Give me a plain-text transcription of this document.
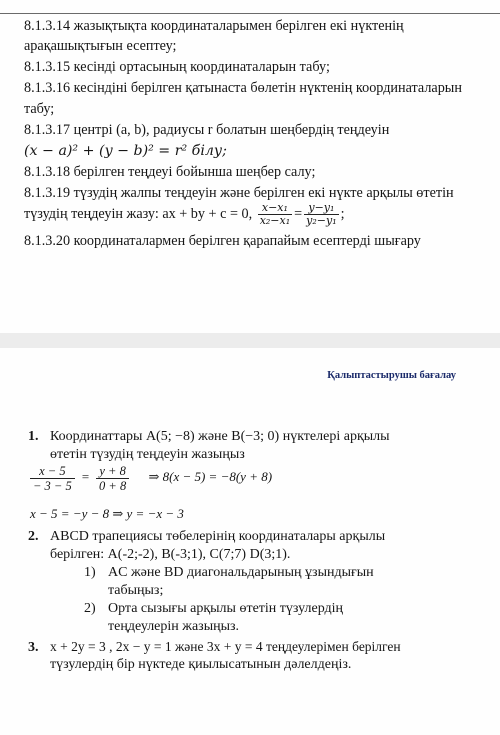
8.1.3.14 жазықтықта координаталарымен берілген екі нүктенің
арақашықтығын есептеу;
8.1.3.15 кесінді ортасының координаталарын табу;
8.1.3.16 кесіндіні берілген қатынаста бөлетін нүктенің координаталарын
табу;
8.1.3.17 центрі (a, b), радиусы r болатын шеңбердің теңдеуін
(x − a)² + (y − b)² = r² білу;
8.1.3.18 берілген теңдеуі бойынша шеңбер салу;
8.1.3.19 түзудің жалпы теңдеуін және берілген екі нүкте арқылы өтетін
түзудің теңдеуін жазу: ax + by + c = 0, $\frac{\text{x−x₁}}{\text{x₂−x₁}} = \frac{\text{y−y₁}}{\text{y₂−y₁}}$ ;
8.1.3.20 координаталармен берілген қарапайым есептерді шығару
Қалыптастырушы бағалау
1. Координаттары A(5; −8) және B(−3; 0) нүктелері арқылы
өтетін түзудің теңдеуін жазыңыз
$\frac{x - 5}{- 3 - 5} = \frac{y + 8}{0 + 8}$ ⇒ 8(x − 5) = −8(y + 8)
x − 5 = −y − 8 ⇒ y = −x − 3
2. ABCD трапециясы төбелерінің координаталары арқылы
берілген: A(-2;-2), B(-3;1), C(7;7) D(3;1).
1) AC және BD диагональдарының ұзындығын
табыңыз;
2) Орта сызығы арқылы өтетін түзулердің
теңдеулерін жазыңыз.
3. x + 2y = 3 , 2x − y = 1 және 3x + y = 4 теңдеулерімен берілген
түзулердің бір нүктеде қиылысатынын дәлелдеңіз.
